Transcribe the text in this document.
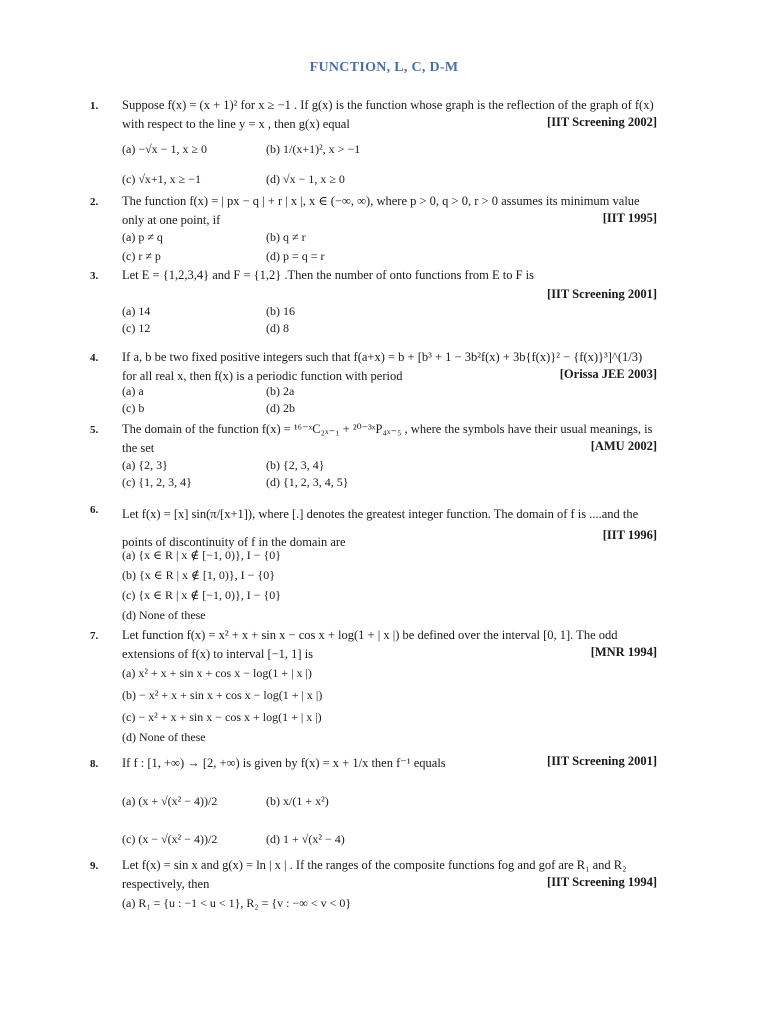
FUNCTION, L, C, D-M
1. Suppose f(x) = (x + 1)² for x ≥ −1 . If g(x) is the function whose graph is the reflection of the graph of f(x) with respect to the line y = x , then g(x) equal	[IIT Screening 2002]
(a) −√x − 1, x ≥ 0	(b) 1/(x+1)², x > −1
(c) √x+1, x ≥ −1	(d) √x − 1, x ≥ 0
2. The function f(x) = | px − q | + r | x |, x ∈ (−∞, ∞), where p > 0, q > 0, r > 0 assumes its minimum value only at one point, if	[IIT 1995]
(a) p ≠ q	(b) q ≠ r
(c) r ≠ p	(d) p = q = r
3. Let E = {1,2,3,4} and F = {1,2} .Then the number of onto functions from E to F is
[IIT Screening 2001]
(a) 14	(b) 16
(c) 12	(d) 8
4. If a, b be two fixed positive integers such that f(a+x) = b + [b³ + 1 − 3b²f(x) + 3b{f(x)}² − {f(x)}³]^(1/3) for all real x, then f(x) is a periodic function with period	[Orissa JEE 2003]
(a) a	(b) 2a
(c) b	(d) 2b
5. The domain of the function f(x) = ¹⁶⁻ˣC₂ₓ₋₁ + ²⁰⁻³ˣP₄ₓ₋₅ , where the symbols have their usual meanings, is the set	[AMU 2002]
(a) {2, 3}	(b) {2, 3, 4}
(c) {1, 2, 3, 4}	(d) {1, 2, 3, 4, 5}
6. Let f(x) = [x] sin(π/[x+1]), where [.] denotes the greatest integer function. The domain of f is ....and the points of discontinuity of f in the domain are	[IIT 1996]
(a) {x ∈ R | x ∉ [−1, 0)}, I − {0}
(b) {x ∈ R | x ∉ [1, 0)}, I − {0}
(c) {x ∈ R | x ∉ [−1, 0)}, I − {0}
(d) None of these
7. Let function f(x) = x² + x + sin x − cos x + log(1 + | x |) be defined over the interval [0, 1]. The odd extensions of f(x) to interval [−1, 1] is	[MNR 1994]
(a) x² + x + sin x + cos x − log(1 + | x |)
(b) − x² + x + sin x + cos x − log(1 + | x |)
(c) − x² + x + sin x − cos x + log(1 + | x |)
(d) None of these
8. If f : [1, +∞) → [2, +∞) is given by f(x) = x + 1/x then f⁻¹ equals	[IIT Screening 2001]
(a) (x + √(x² − 4))/2	(b) x/(1 + x²)
(c) (x − √(x² − 4))/2	(d) 1 + √(x² − 4)
9. Let f(x) = sin x and g(x) = ln | x | . If the ranges of the composite functions fog and gof are R₁ and R₂ respectively, then	[IIT Screening 1994]
(a) R₁ = {u : −1 < u < 1}, R₂ = {v : −∞ < v < 0}
